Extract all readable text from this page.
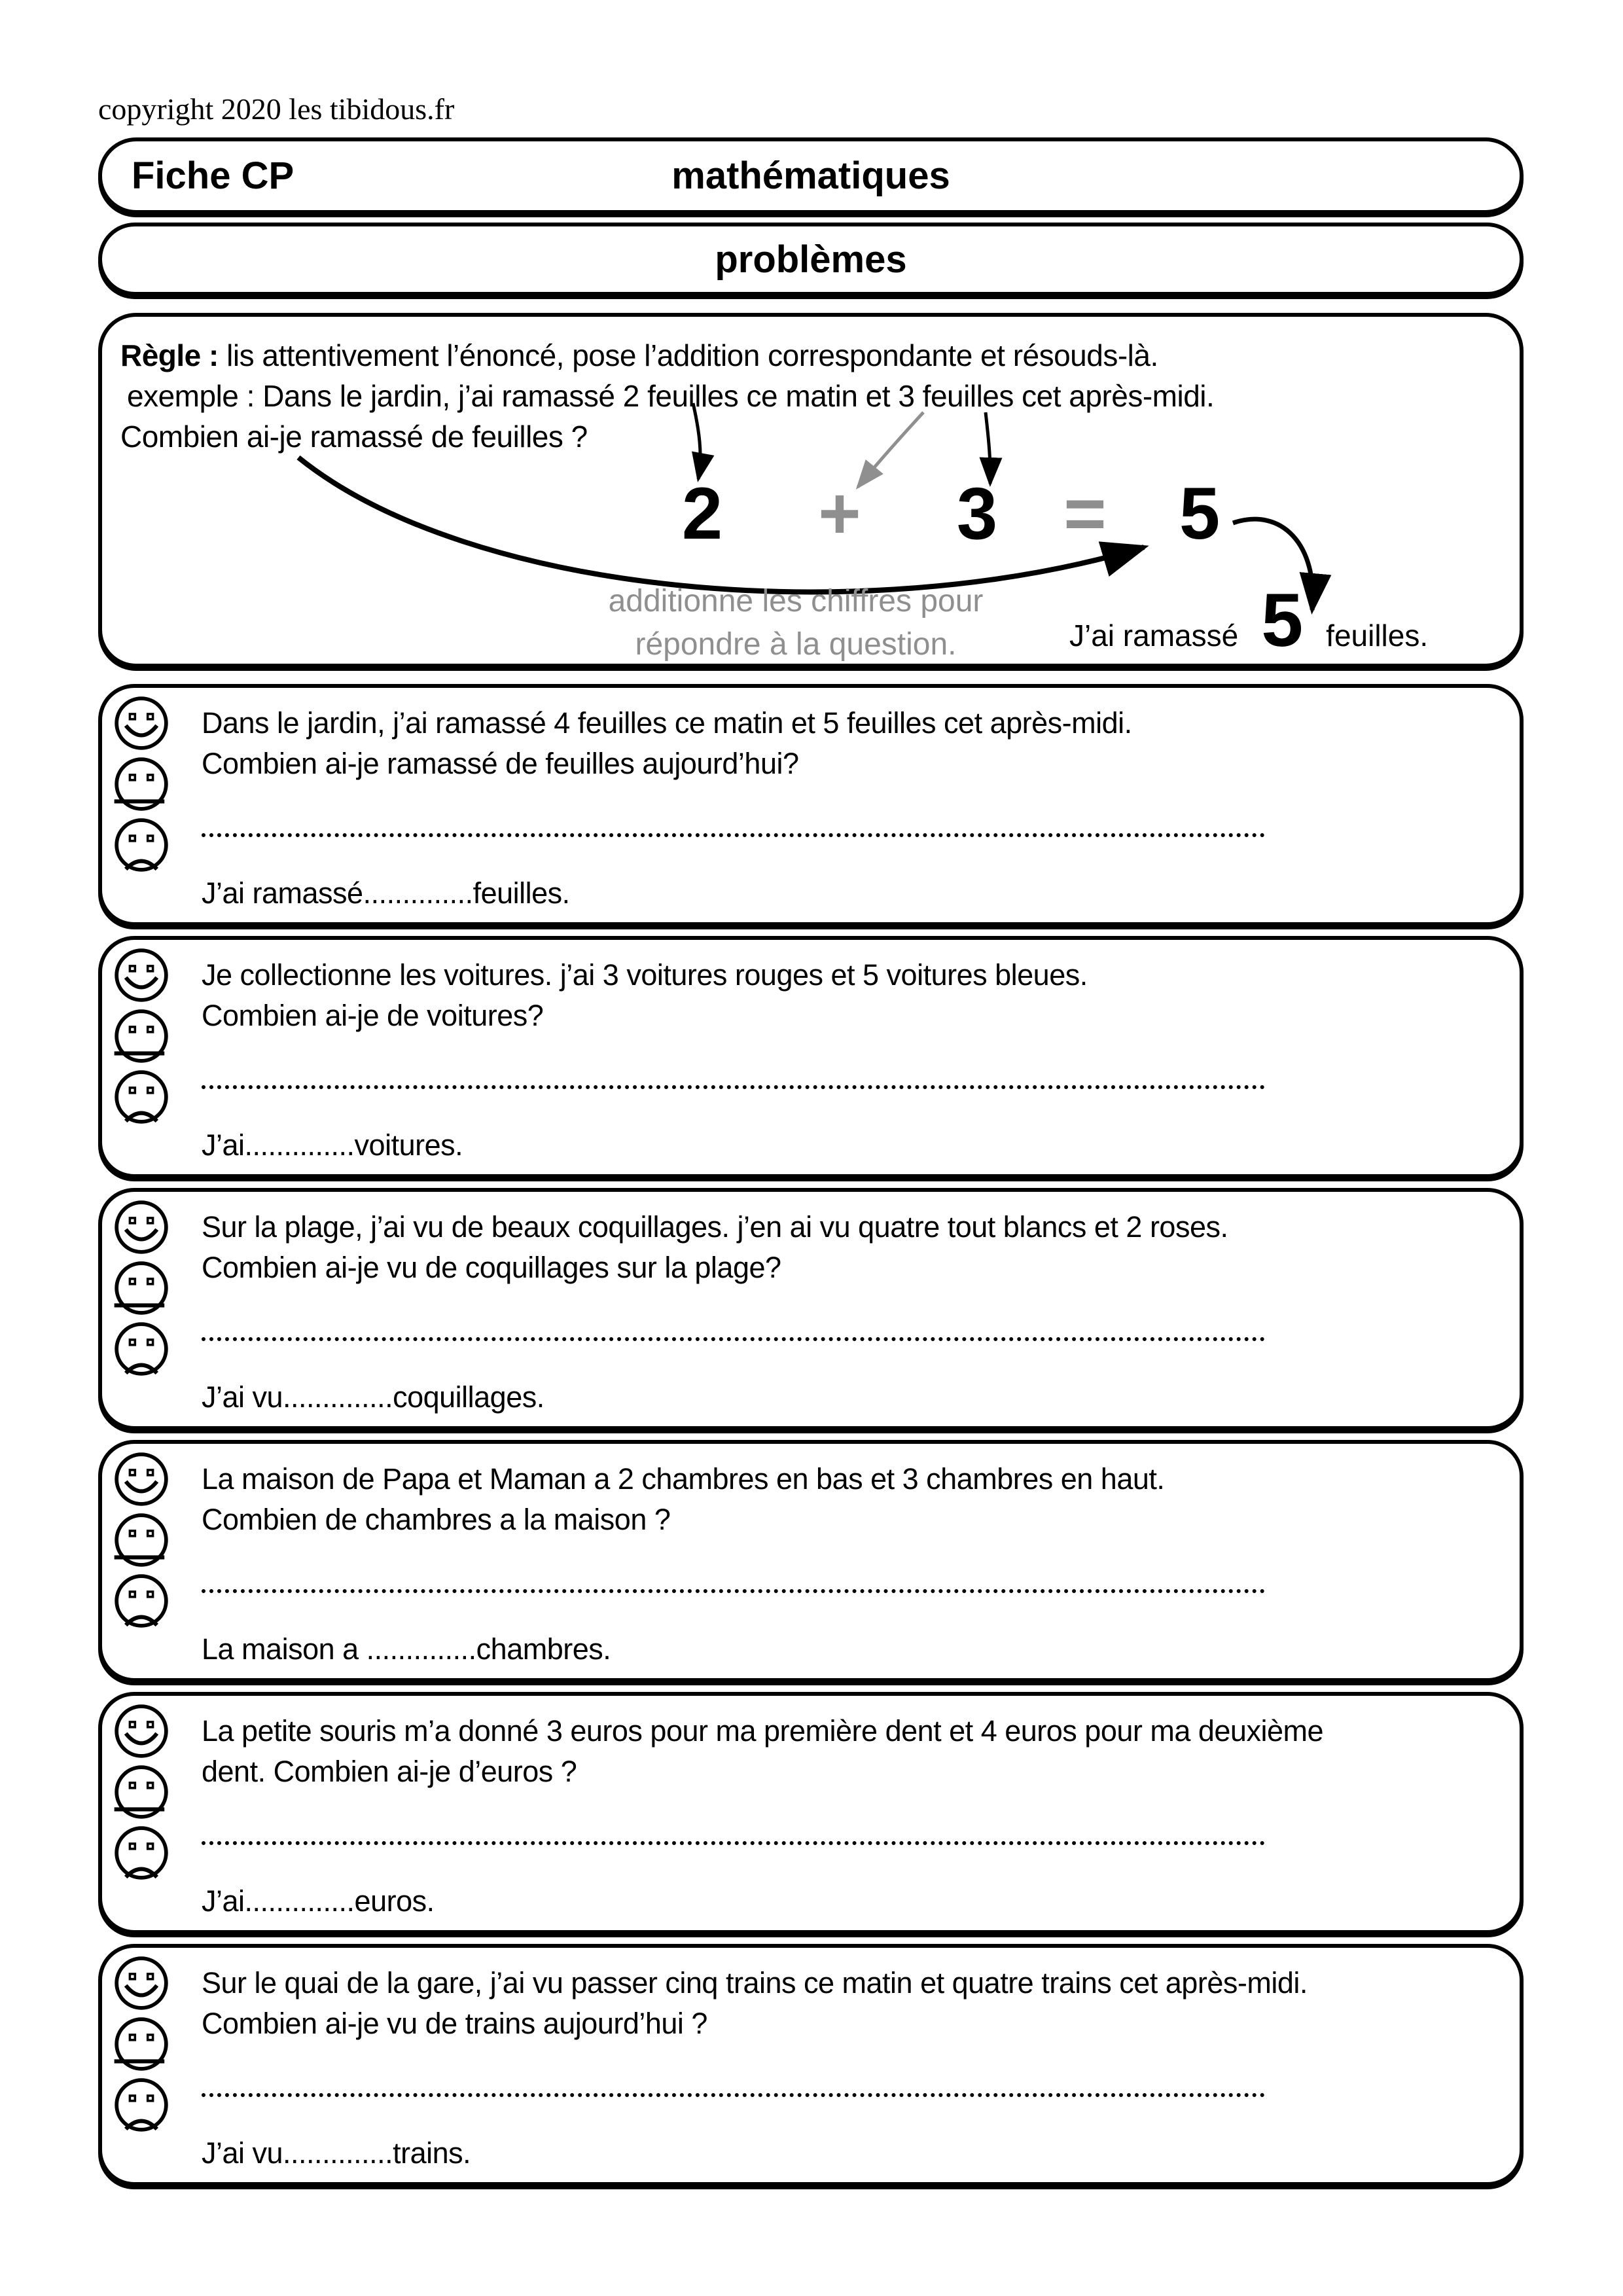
copyright 2020 les tibidous.fr
Fiche CP	mathématiques
problèmes
Règle : lis attentivement l’énoncé, pose l’addition correspondante et résouds-là.
exemple : Dans le jardin, j’ai ramassé 2 feuilles ce matin et 3 feuilles cet après-midi.
Combien ai-je ramassé de feuilles ?
2 + 3 = 5
additionne les chiffres pour
répondre à la question.	J’ai ramassé 5 feuilles.
Dans le jardin, j’ai ramassé 4 feuilles ce matin et 5 feuilles cet après-midi.
Combien ai-je ramassé de feuilles aujourd’hui?
J’ai ramassé..............feuilles.
Je collectionne les voitures. j’ai 3 voitures rouges et 5 voitures bleues.
Combien ai-je de voitures?
J’ai..............voitures.
Sur la plage, j’ai vu de beaux coquillages. j’en ai vu quatre tout blancs et 2 roses.
Combien ai-je vu de coquillages sur la plage?
J’ai vu..............coquillages.
La maison de Papa et Maman a 2 chambres en bas et 3 chambres en haut.
Combien de chambres a la maison ?
La maison a ..............chambres.
La petite souris m’a donné 3 euros pour ma première dent et 4 euros pour ma deuxième
dent. Combien ai-je d’euros ?
J’ai..............euros.
Sur le quai de la gare, j’ai vu passer cinq trains ce matin et quatre trains cet après-midi.
Combien ai-je vu de trains aujourd’hui ?
J’ai vu..............trains.
